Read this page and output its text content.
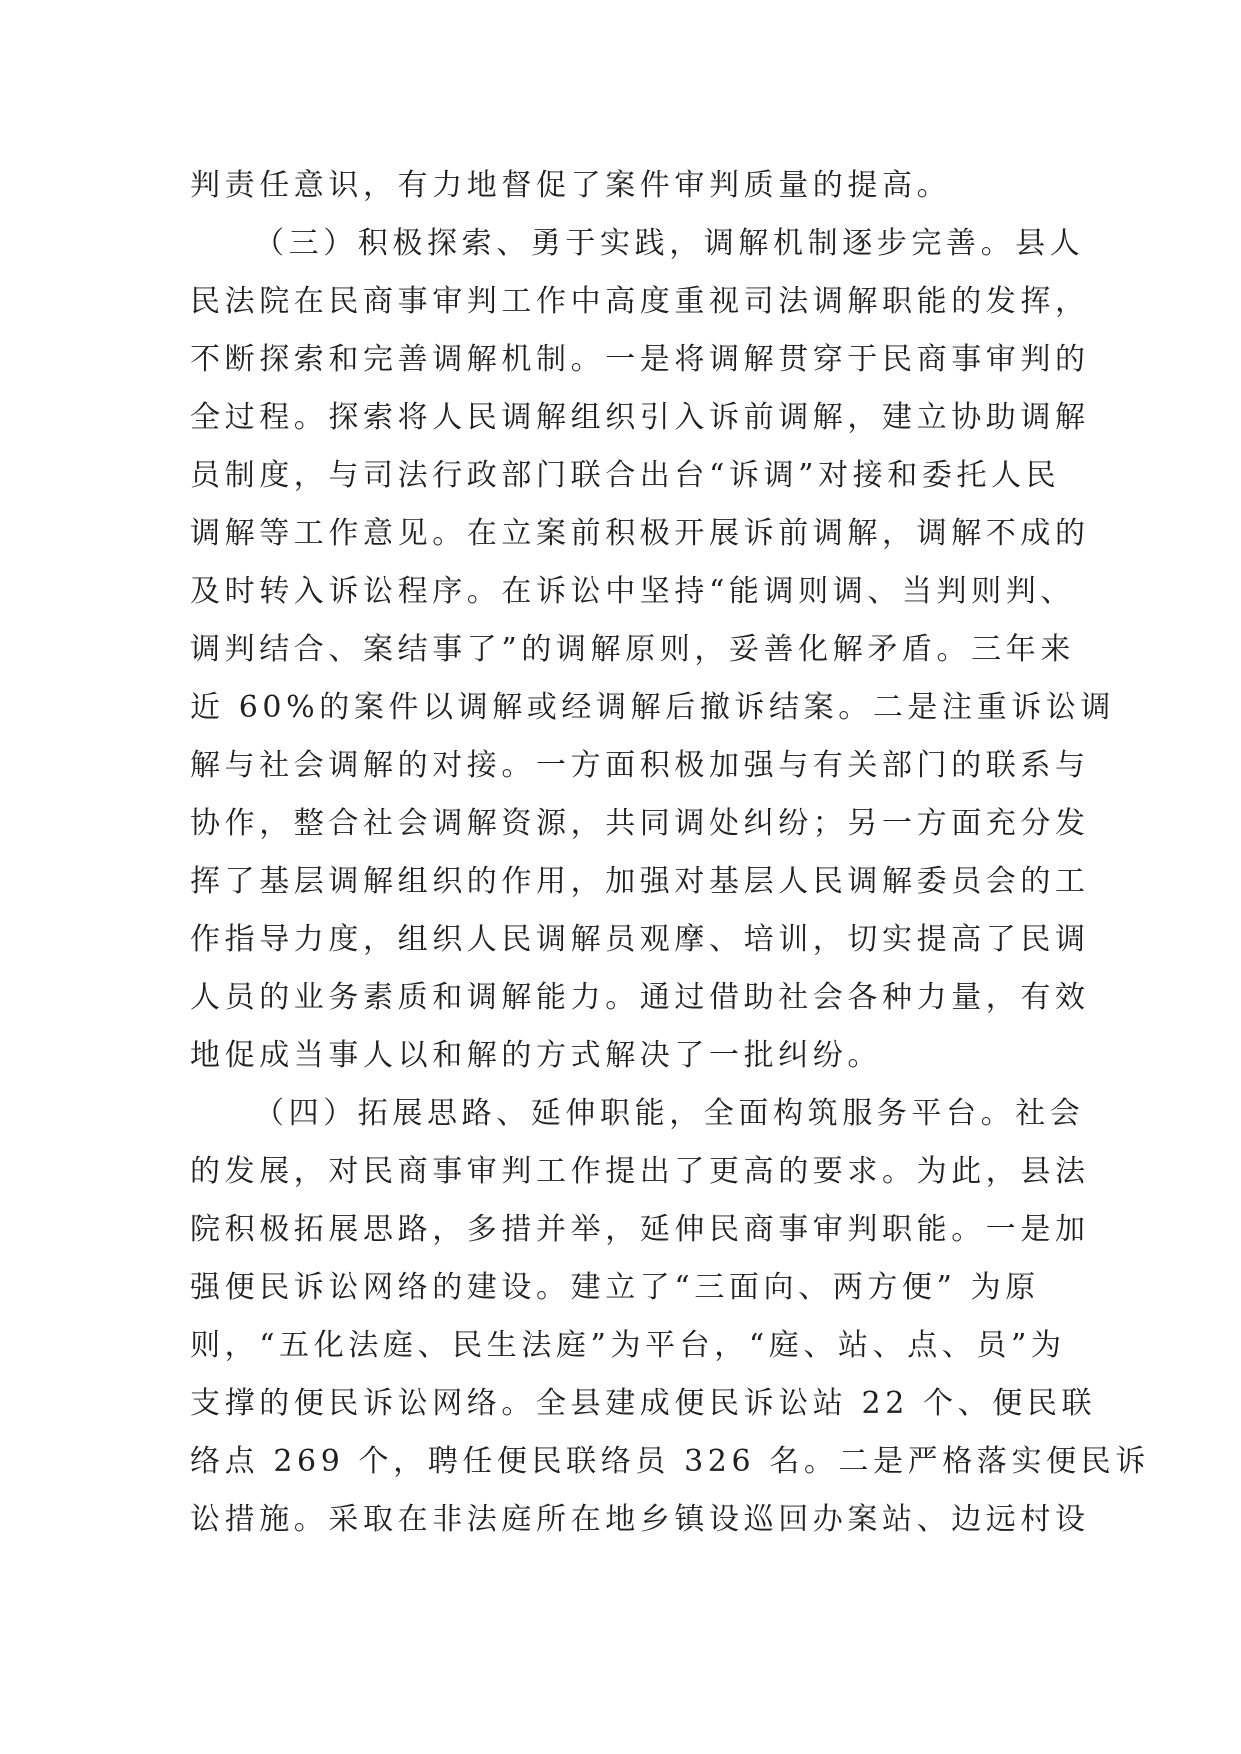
判责任意识，有力地督促了案件审判质量的提高。
（三）积极探索、勇于实践，调解机制逐步完善。县人
民法院在民商事审判工作中高度重视司法调解职能的发挥，
不断探索和完善调解机制。一是将调解贯穿于民商事审判的
全过程。探索将人民调解组织引入诉前调解，建立协助调解
员制度，与司法行政部门联合出台“诉调”对接和委托人民
调解等工作意见。在立案前积极开展诉前调解，调解不成的
及时转入诉讼程序。在诉讼中坚持“能调则调、当判则判、
调判结合、案结事了”的调解原则，妥善化解矛盾。三年来
近 60%的案件以调解或经调解后撤诉结案。二是注重诉讼调
解与社会调解的对接。一方面积极加强与有关部门的联系与
协作，整合社会调解资源，共同调处纠纷；另一方面充分发
挥了基层调解组织的作用，加强对基层人民调解委员会的工
作指导力度，组织人民调解员观摩、培训，切实提高了民调
人员的业务素质和调解能力。通过借助社会各种力量，有效
地促成当事人以和解的方式解决了一批纠纷。
（四）拓展思路、延伸职能，全面构筑服务平台。社会
的发展，对民商事审判工作提出了更高的要求。为此，县法
院积极拓展思路，多措并举，延伸民商事审判职能。一是加
强便民诉讼网络的建设。建立了“三面向、两方便” 为原
则，“五化法庭、民生法庭”为平台，“庭、站、点、员”为
支撑的便民诉讼网络。全县建成便民诉讼站 22 个、便民联
络点 269 个，聘任便民联络员 326 名。二是严格落实便民诉
讼措施。采取在非法庭所在地乡镇设巡回办案站、边远村设
